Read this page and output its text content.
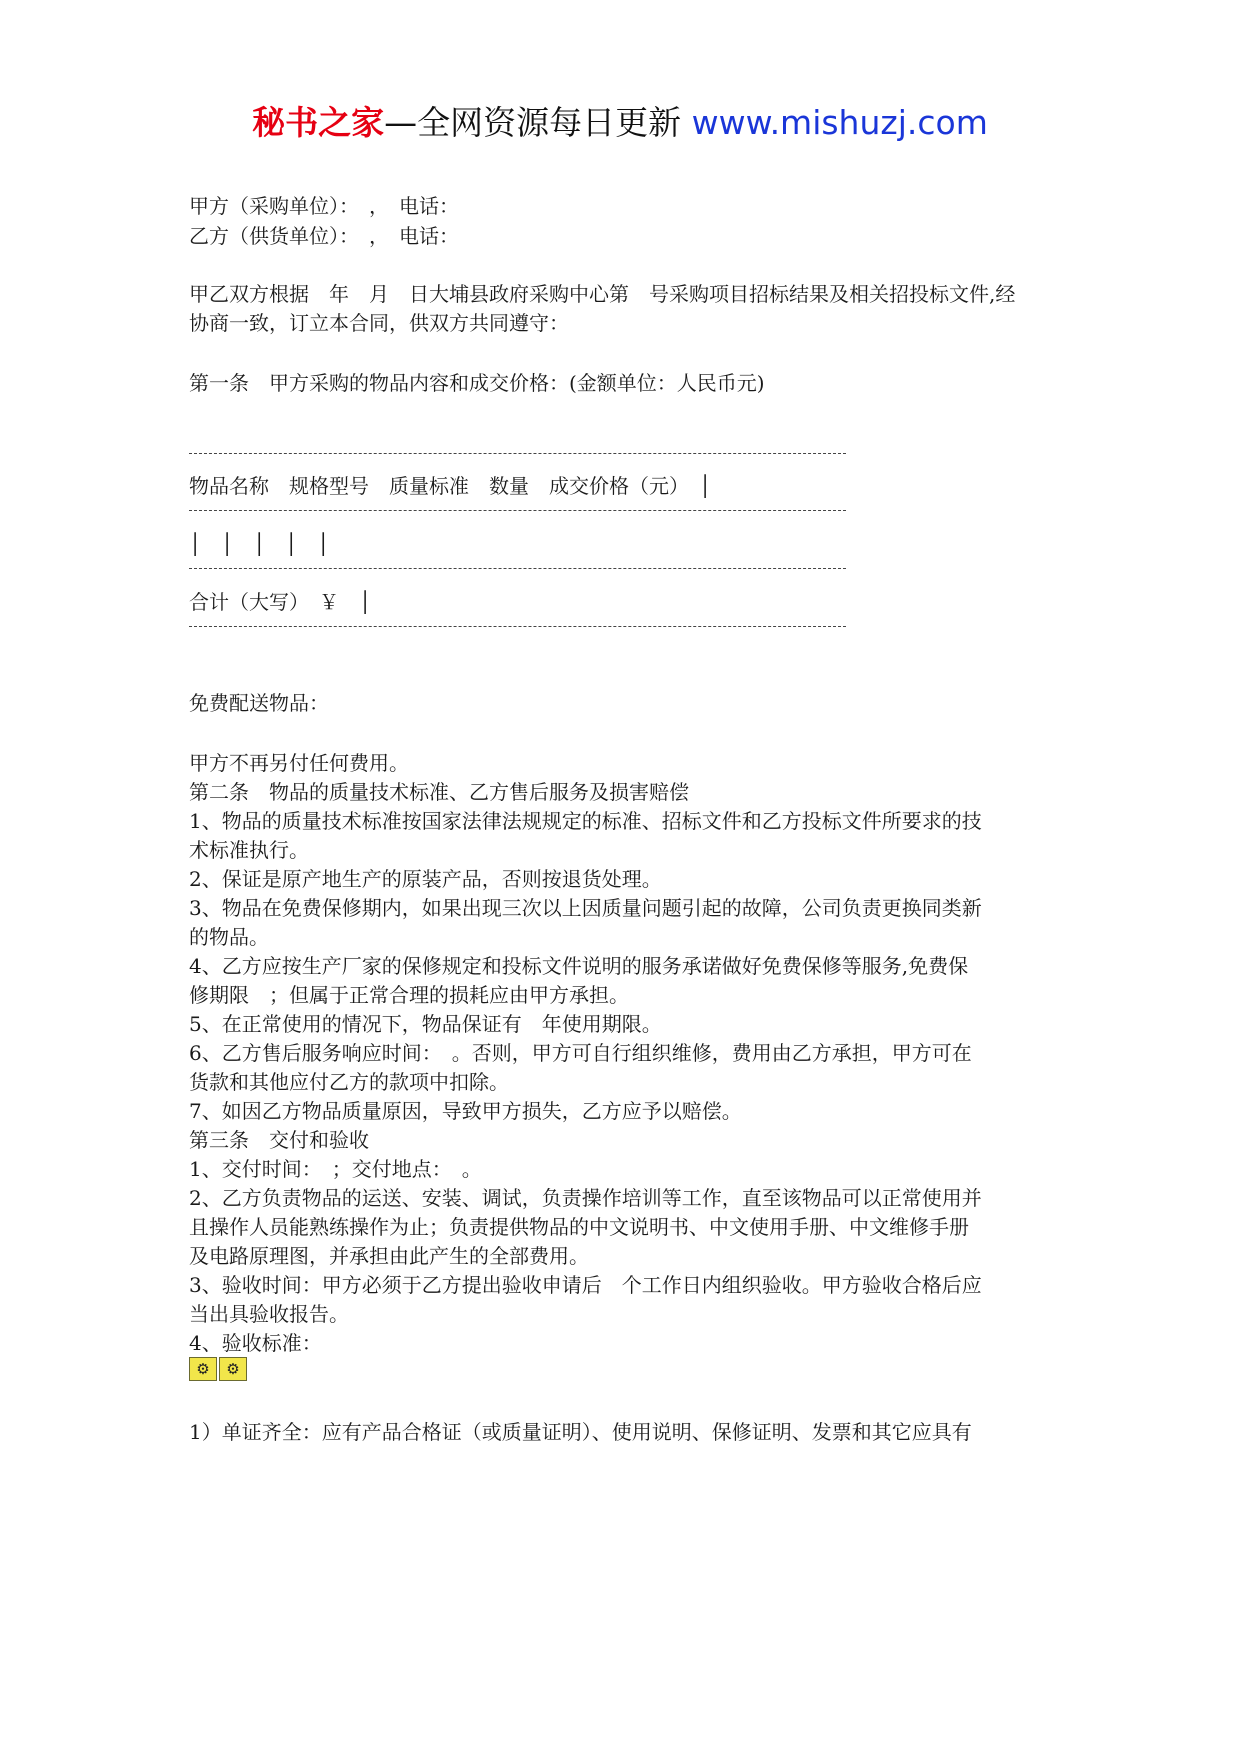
秘书之家—全网资源每日更新 www.mishuzj.com
甲方（采购单位）：　，　电话：
乙方（供货单位）：　，　电话：
甲乙双方根据　年　月　日大埔县政府采购中心第　号采购项目招标结果及相关招投标文件,经
协商一致，订立本合同，供双方共同遵守：
第一条　甲方采购的物品内容和成交价格：(金额单位：人民币元)
物品名称　规格型号　质量标准　数量　成交价格（元）　│
│　│　│　│　│
合计（大写）　￥　│
免费配送物品：
甲方不再另付任何费用。
第二条　物品的质量技术标准、乙方售后服务及损害赔偿
1、物品的质量技术标准按国家法律法规规定的标准、招标文件和乙方投标文件所要求的技
术标准执行。
2、保证是原产地生产的原装产品，否则按退货处理。
3、物品在免费保修期内，如果出现三次以上因质量问题引起的故障，公司负责更换同类新
的物品。
4、乙方应按生产厂家的保修规定和投标文件说明的服务承诺做好免费保修等服务,免费保
修期限　；但属于正常合理的损耗应由甲方承担。
5、在正常使用的情况下，物品保证有　年使用期限。
6、乙方售后服务响应时间：　。否则，甲方可自行组织维修，费用由乙方承担，甲方可在
货款和其他应付乙方的款项中扣除。
7、如因乙方物品质量原因，导致甲方损失，乙方应予以赔偿。
第三条　交付和验收
1、交付时间：　；交付地点：　。
2、乙方负责物品的运送、安装、调试，负责操作培训等工作，直至该物品可以正常使用并
且操作人员能熟练操作为止；负责提供物品的中文说明书、中文使用手册、中文维修手册
及电路原理图，并承担由此产生的全部费用。
3、验收时间：甲方必须于乙方提出验收申请后　个工作日内组织验收。甲方验收合格后应
当出具验收报告。
4、验收标准：
⚙	⚙
1）单证齐全：应有产品合格证（或质量证明）、使用说明、保修证明、发票和其它应具有
